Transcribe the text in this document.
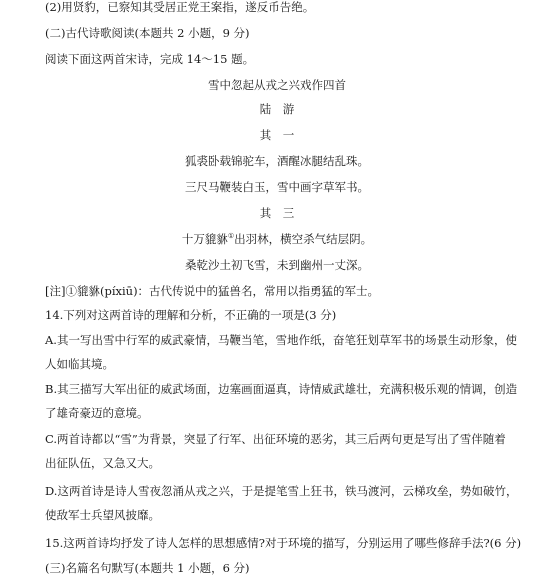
(2)用贤豹，已察知其受居正党王案指，遂反币告绝。
(二)古代诗歌阅读(本题共 2 小题，9 分)
阅读下面这两首宋诗，完成 14～15 题。
雪中忽起从戎之兴戏作四首
陆　游
其　一
狐裘卧载锦驼车，酒醒冰腿结乱珠。
三尺马鞭装白玉，雪中画字草军书。
其　三
十万貔貅①出羽林，横空杀气结层阴。
桑乾沙土初飞雪，未到幽州一丈深。
[注]①貔貅(píxiū)：古代传说中的猛兽名，常用以指勇猛的军士。
14.下列对这两首诗的理解和分析，不正确的一项是(3 分)
A.其一写出雪中行军的威武豪情，马鞭当笔，雪地作纸，奋笔狂划草军书的场景生动形象，使
人如临其境。
B.其三描写大军出征的威武场面，边塞画面逼真，诗情威武雄壮，充满积极乐观的情调，创造
了雄奇豪迈的意境。
C.两首诗都以“雪”为背景，突显了行军、出征环境的恶劣，其三后两句更是写出了雪伴随着
出征队伍，又急又大。
D.这两首诗是诗人雪夜忽涌从戎之兴，于是提笔雪上狂书，铁马渡河，云梯攻垒，势如破竹，
使敌军士兵望风披靡。
15.这两首诗均抒发了诗人怎样的思想感情?对于环境的描写，分别运用了哪些修辞手法?(6 分)
(三)名篇名句默写(本题共 1 小题，6 分)
